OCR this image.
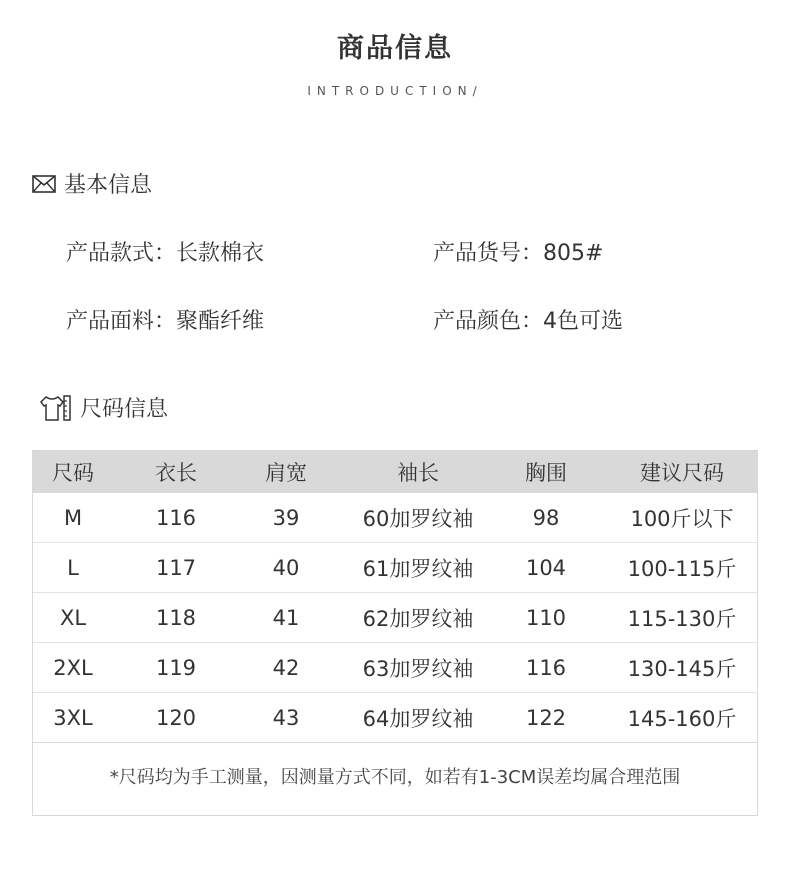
商品信息
INTRODUCTION/
基本信息
产品款式：长款棉衣	产品货号：805#
产品面料：聚酯纤维	产品颜色：4色可选
尺码信息
尺码	衣长	肩宽	袖长	胸围	建议尺码
M	116	39	60加罗纹袖	98	100斤以下
L	117	40	61加罗纹袖	104	100-115斤
XL	118	41	62加罗纹袖	110	115-130斤
2XL	119	42	63加罗纹袖	116	130-145斤
3XL	120	43	64加罗纹袖	122	145-160斤
*尺码均为手工测量，因测量方式不同，如若有1-3CM误差均属合理范围
